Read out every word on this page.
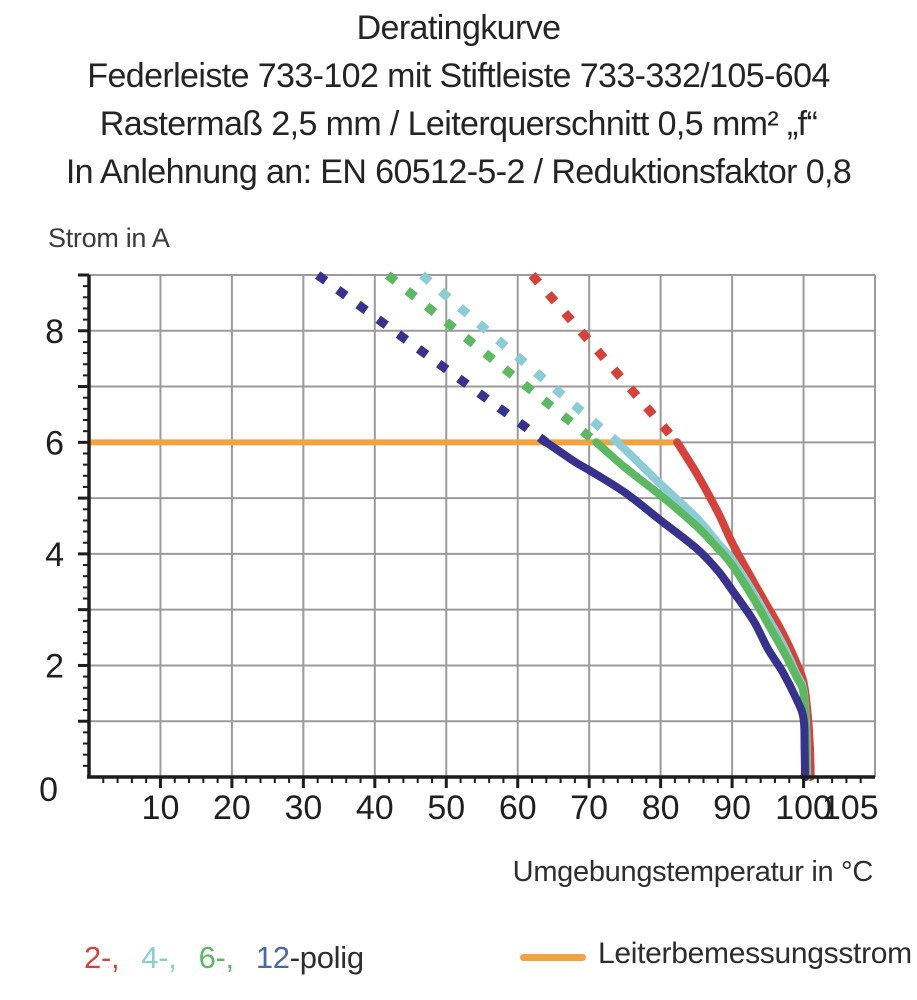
Deratingkurve
Federleiste 733-102 mit Stiftleiste 733-332/105-604
Rastermaß 2,5 mm / Leiterquerschnitt 0,5 mm² „f“
In Anlehnung an: EN 60512-5-2 / Reduktionsfaktor 0,8
Strom in A
10 20 30 40 50 60 70 80 90 100
105
0
2
4
6
8
Umgebungstemperatur in °C
2-, 4-, 6-, 12-polig	Leiterbemessungsstrom
